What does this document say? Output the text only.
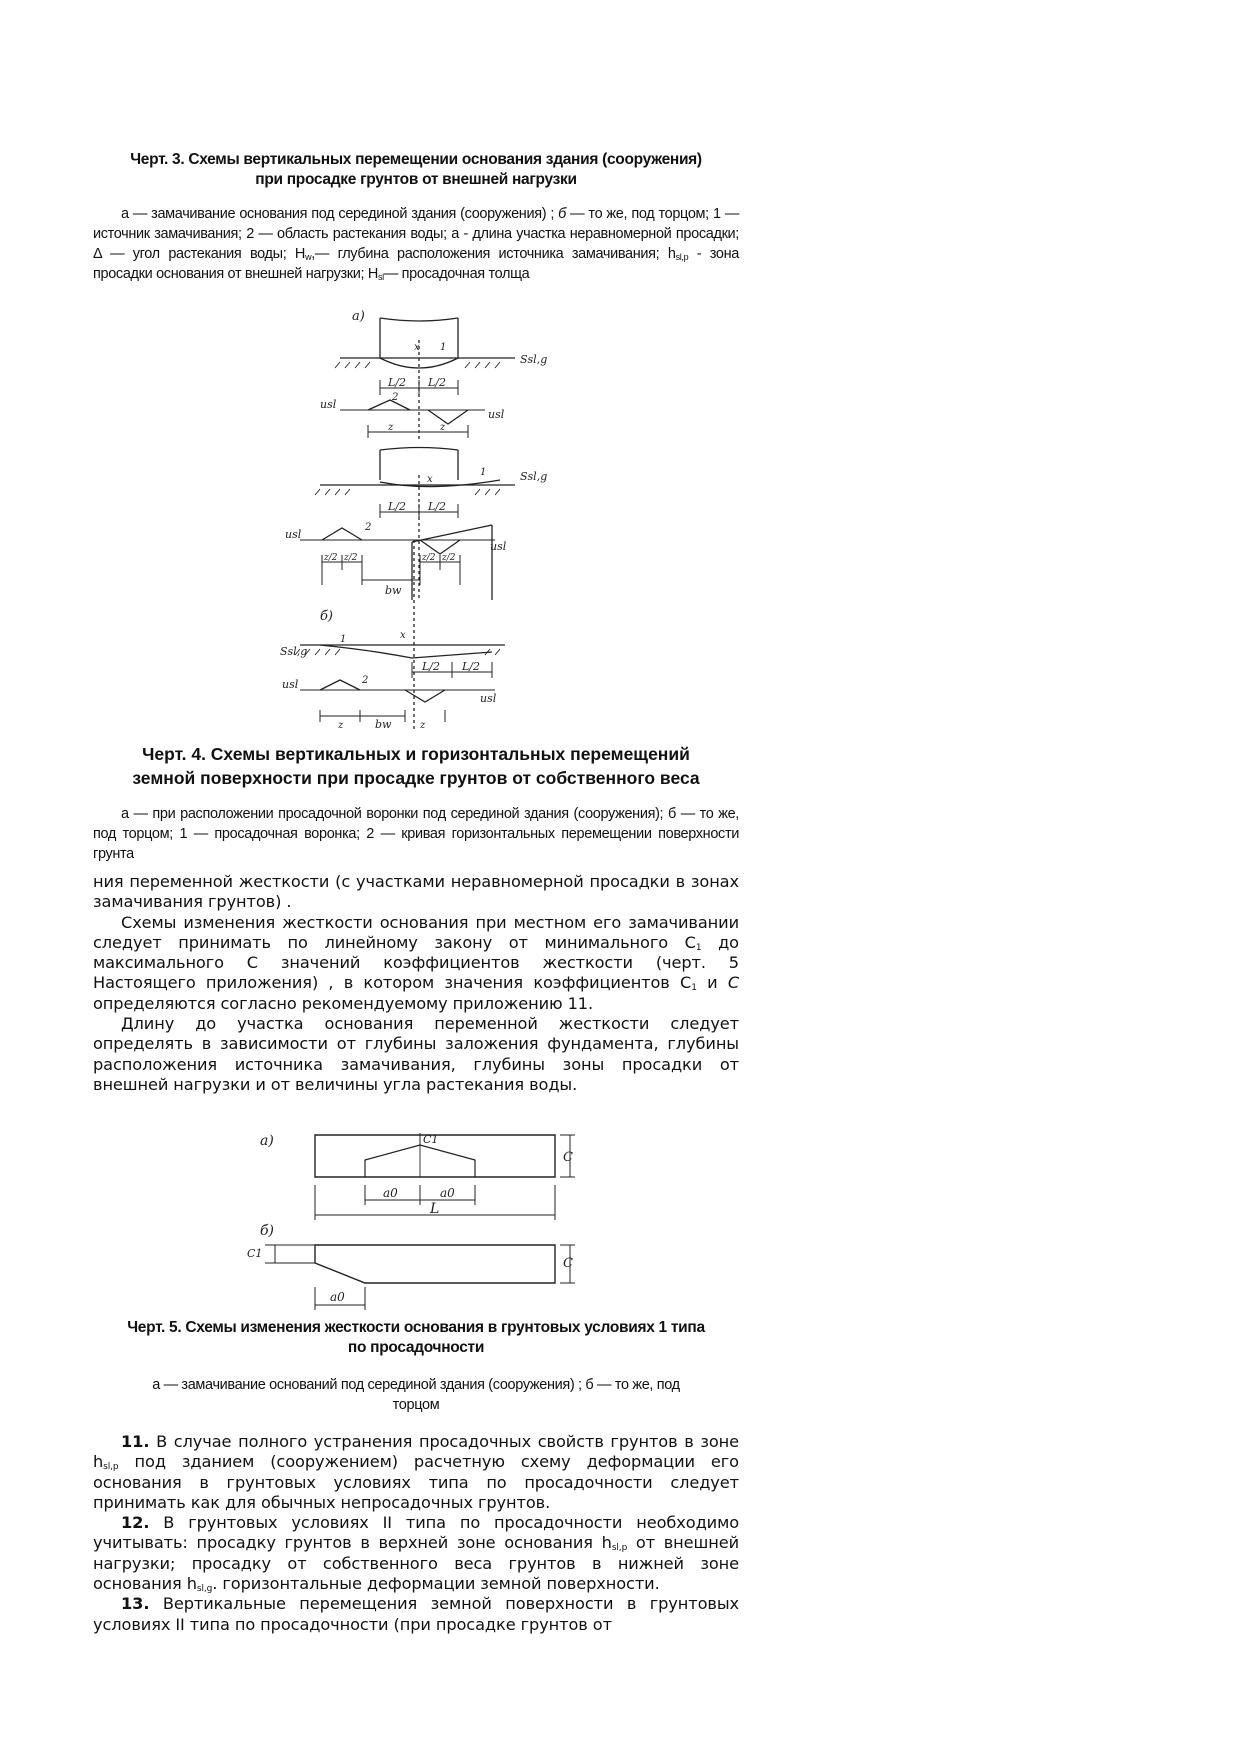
Черт. 3. Схемы вертикальных перемещении основания здания (сооружения)
при просадке грунтов от внешней нагрузки

а — замачивание основания под серединой здания (сооружения) ; б — то же, под торцом; 1 — источник замачивания; 2 — область растекания воды; а - длина участка неравномерной просадки; Δ — угол растекания воды; $H_w,—$ глубина расположения источника замачивания; $h_{sl,p}$ - зона просадки основания от внешней нагрузки; $H_{sl}—$ просадочная толща

а)
x 1
Ssl,g
L/2 L/2
usl
usl
2
z	z
x
1	Ssl,g
L/2 L/2
usl
usl
2
z/2 z/2	z/2 z/2
bw
б)
x
1
Ssl,g
L/2 L/2
usl
usl
2
z	bw	z
Черт. 4. Схемы вертикальных и горизонтальных перемещений
земной поверхности при просадке грунтов от собственного веса

а — при расположении просадочной воронки под серединой здания (сооружения); б — то же, под торцом; 1 — просадочная воронка; 2 — кривая горизонтальных перемещении поверхности грунта

ния переменной жесткости (с участками неравномерной просадки в зонах замачивания грунтов) .

Схемы изменения жесткости основания при местном его замачивании следует принимать по линейному закону от минимального $С_1$ до максимального С значений коэффициентов жесткости (черт. 5 Настоящего приложения) , в котором значения коэффициентов $С_1$ и С определяются согласно рекомендуемому приложению 11.

Длину до участка основания переменной жесткости следует определять в зависимости от глубины заложения фундамента, глубины расположения источника замачивания, глубины зоны просадки от внешней нагрузки и от величины угла растекания воды.

а)	C1
C
a0	a0
L
б)
C1
C
a0
Черт. 5. Схемы изменения жесткости основания в грунтовых условиях 1 типа
по просадочности

а — замачивание оснований под серединой здания (сооружения) ; б — то же, под

торцом

11. В случае полного устранения просадочных свойств грунтов в зоне $h_{sl,p}$ под зданием (сооружением) расчетную схему деформации его основания в грунтовых условиях типа по просадочности следует принимать как для обычных непросадочных грунтов.

12. В грунтовых условиях II типа по просадочности необходимо учитывать: просадку грунтов в верхней зоне основания $h_{sl,p}$ от внешней нагрузки; просадку от собственного веса грунтов в нижней зоне основания $h_{sl,g}$. горизонтальные деформации земной поверхности.

13. Вертикальные перемещения земной поверхности в грунтовых условиях II типа по просадочности (при просадке грунтов от
